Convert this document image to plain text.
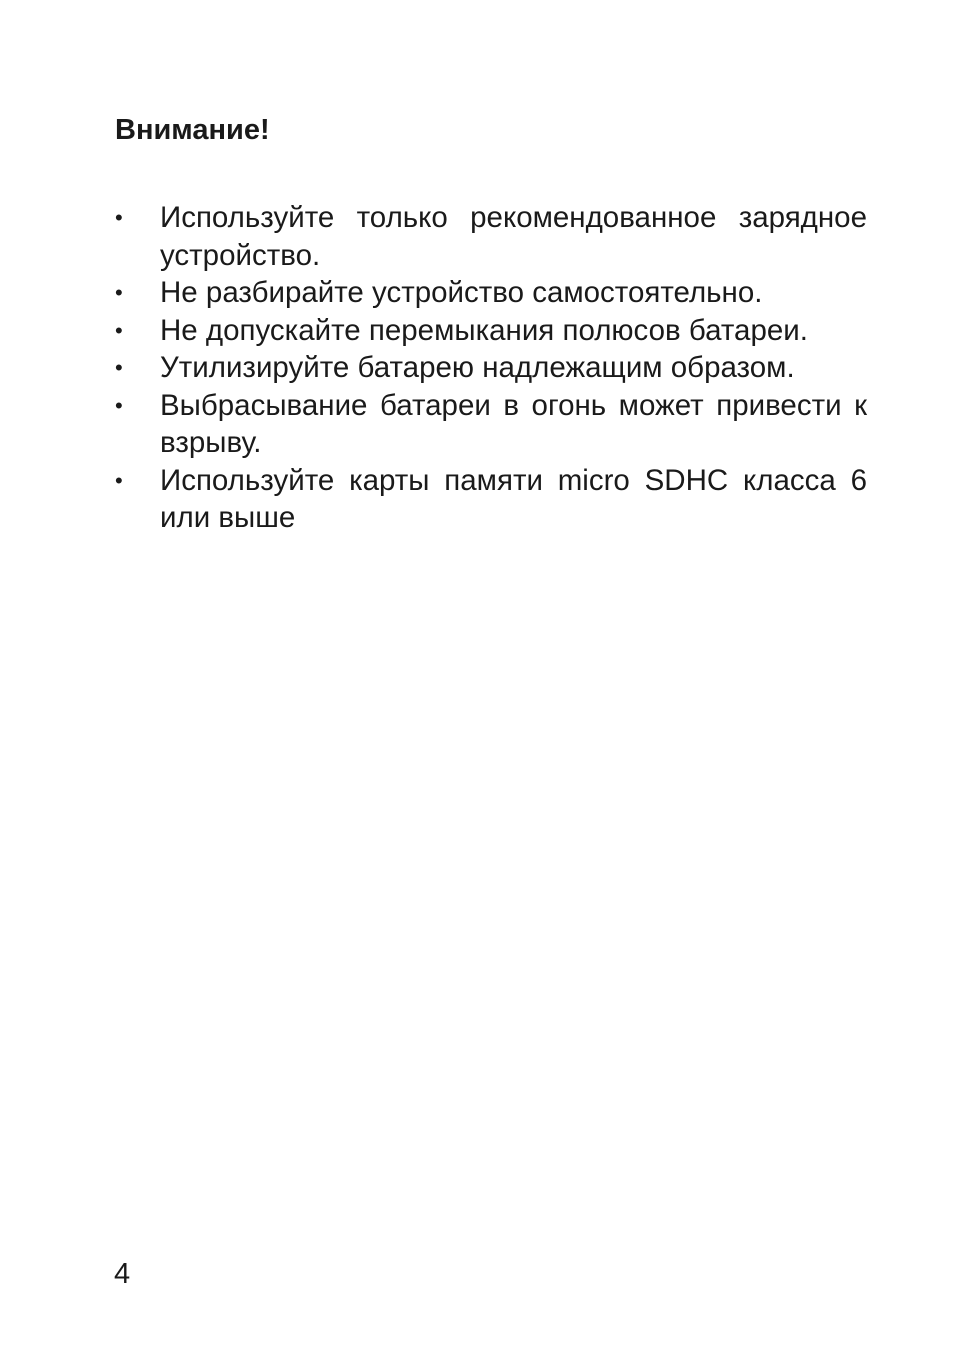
Внимание!
• Используйте только рекомендованное зарядное устройство.
• Не разбирайте устройство самостоятельно.
• Не допускайте перемыкания полюсов батареи.
• Утилизируйте батарею надлежащим образом.
• Выбрасывание батареи в огонь может привести к взрыву.
• Используйте карты памяти micro SDHC класса 6 или выше
4
